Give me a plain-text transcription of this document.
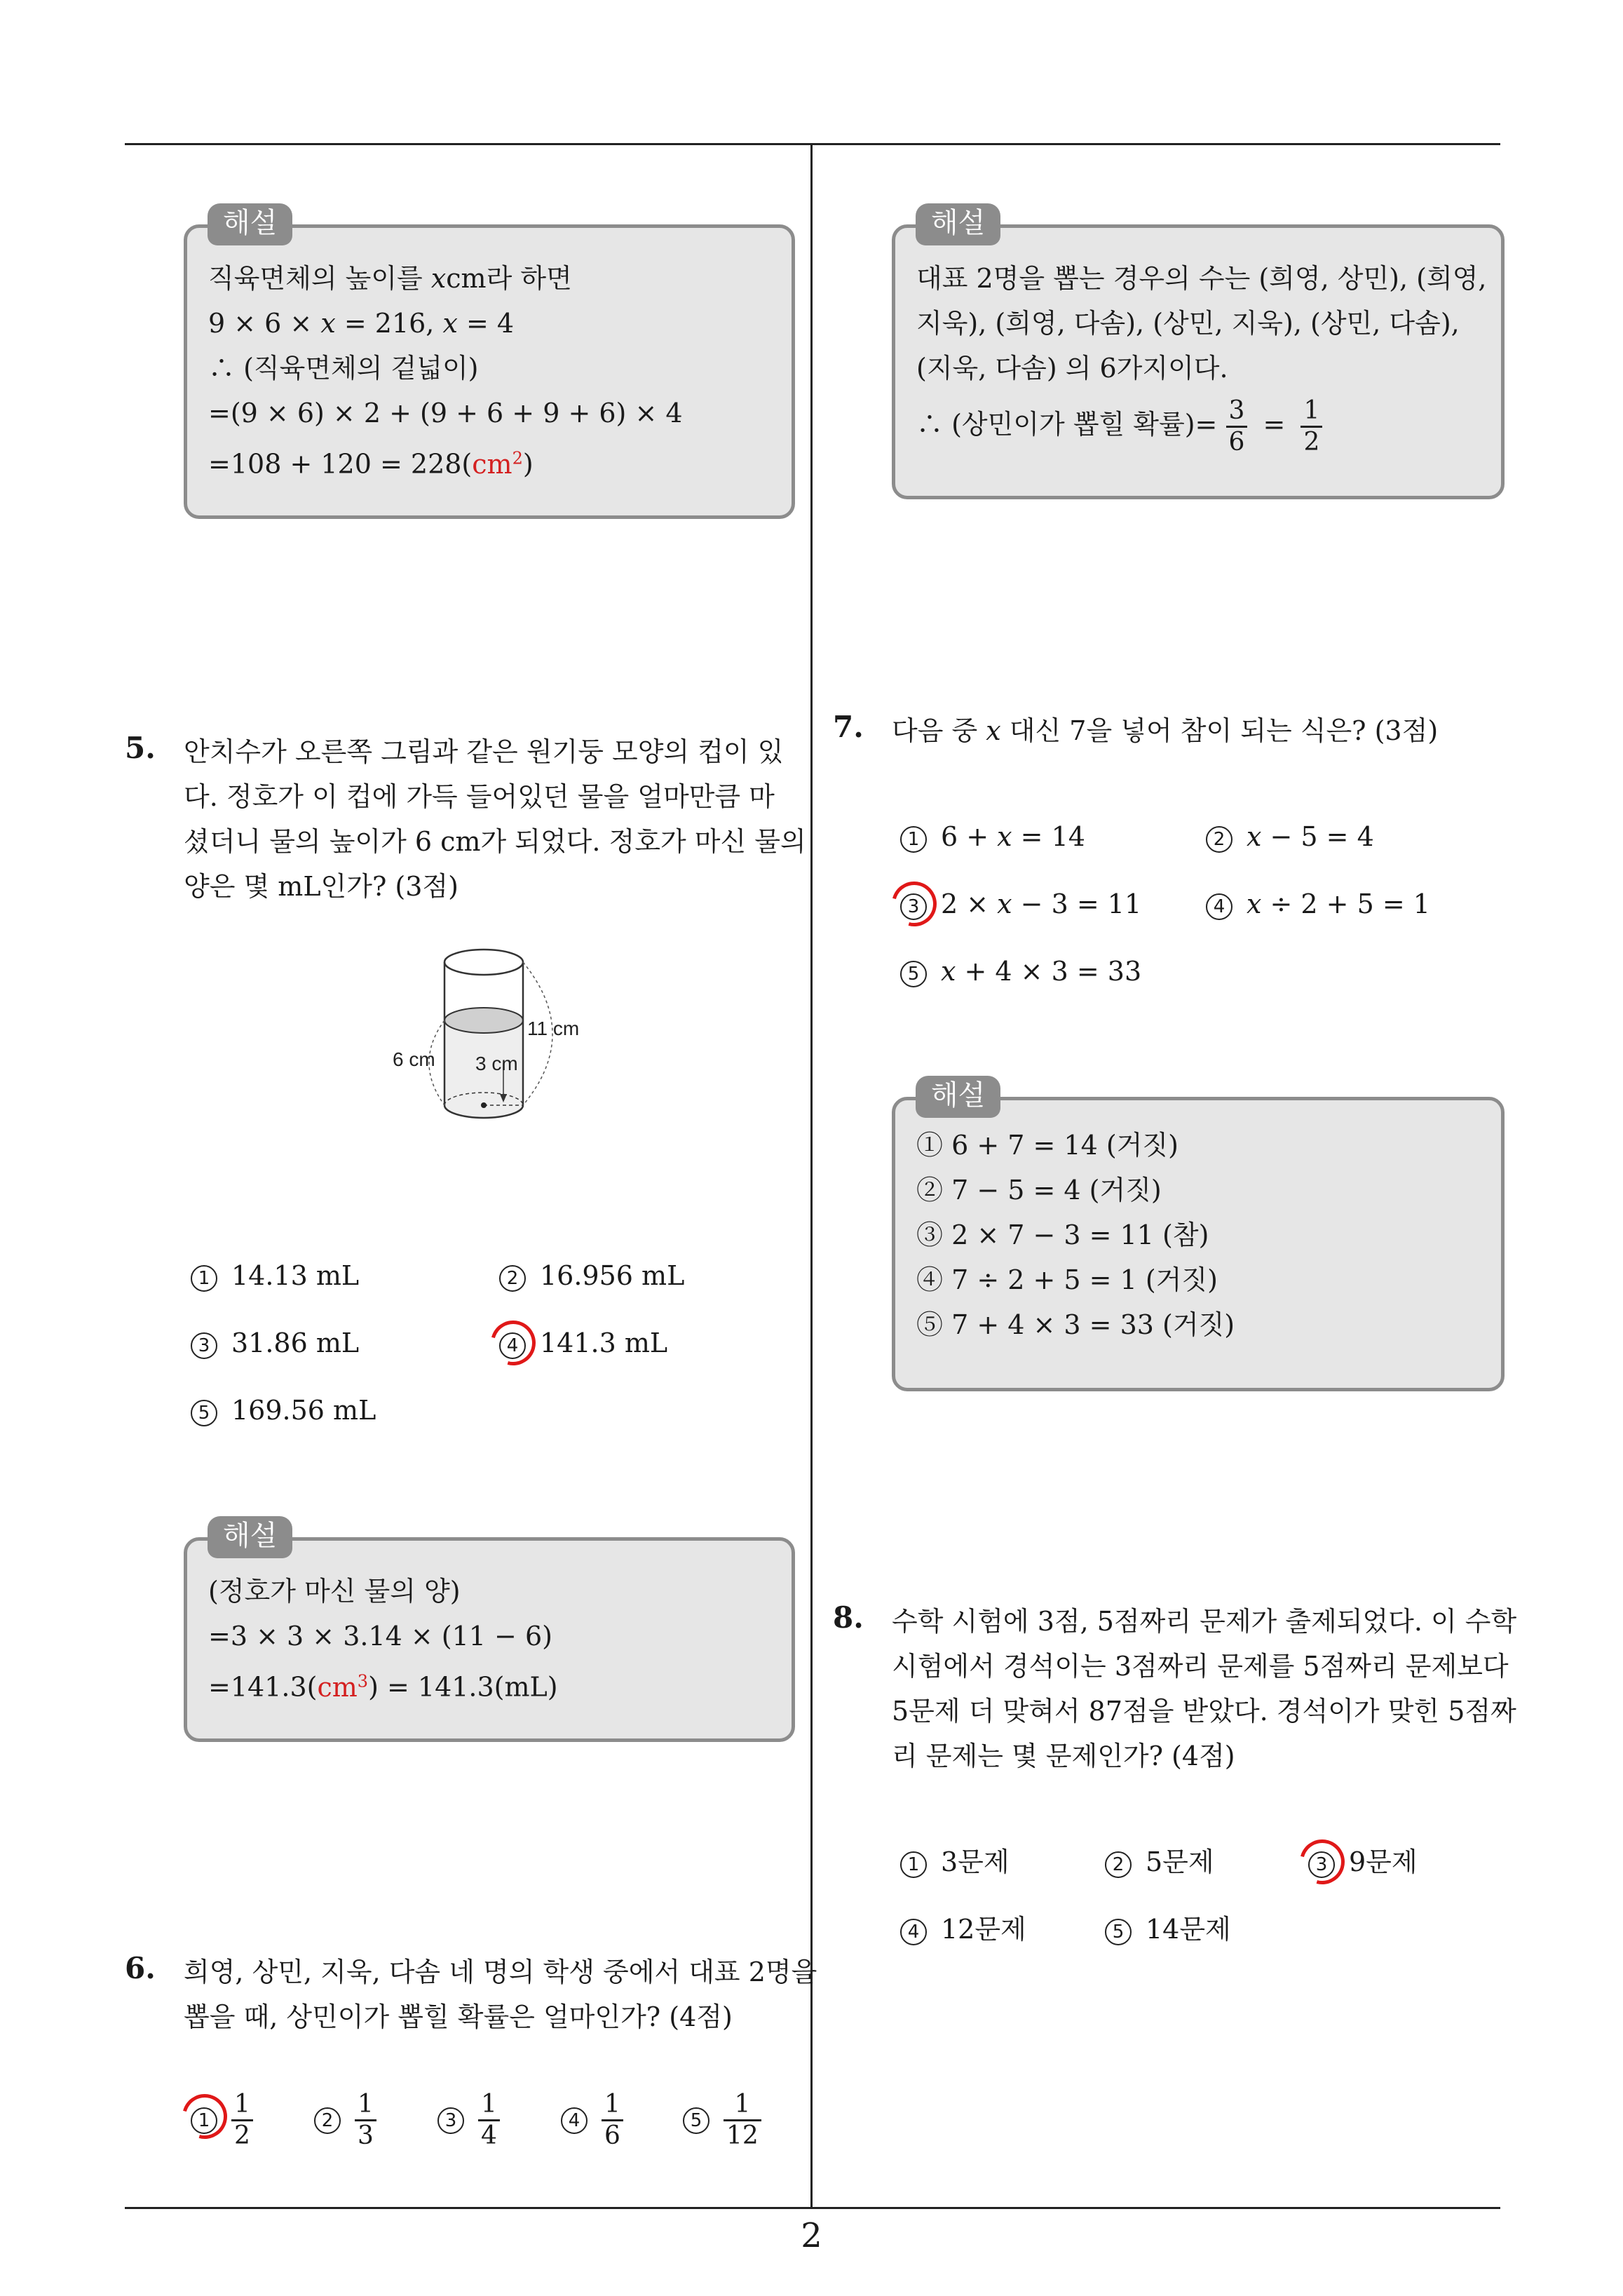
직육면체의 높이를 𝑥cm라 하면
9 × 6 × 𝑥 = 216, 𝑥 = 4
∴ (직육면체의 겉넓이)
=(9 × 6) × 2 + (9 + 6 + 9 + 6) × 4
$=108 + 120 = 228(cm^2)$
해설
대표 2명을 뽑는 경우의 수는 (희영, 상민), (희영,
지욱), (희영, 다솜), (상민, 지욱), (상민, 다솜),
(지욱, 다솜) 의 6가지이다.
∴ (상민이가 뽑힐 확률)= $\frac{3}{6} = \frac{1}{2}$
해설
5. 안치수가 오른쪽 그림과 같은 원기둥 모양의 컵이 있
다. 정호가 이 컵에 가득 들어있던 물을 얼마만큼 마
셨더니 물의 높이가 6 cm가 되었다. 정호가 마신 물의
양은 몇 mL인가? (3점)
11 cm
6 cm 3 cm
1 14.13 mL	2 16.956 mL
3 31.86 mL	4 141.3 mL
5 169.56 mL
(정호가 마신 물의 양)
=3 × 3 × 3.14 × (11 − 6)
$=141.3(cm^3) = 141.3(mL)$
해설
6. 희영, 상민, 지욱, 다솜 네 명의 학생 중에서 대표 2명을
뽑을 때, 상민이가 뽑힐 확률은 얼마인가? (4점)
$1 \frac{1}{2}$	$2 \frac{1}{3}$	$3 \frac{1}{4}$	$4 \frac{1}{6}$	$5 \frac{1}{12}$
7. 다음 중 𝑥 대신 7을 넣어 참이 되는 식은? (3점)
1 6 + 𝑥 = 14	2 𝑥 − 5 = 4
3 2 × 𝑥 − 3 = 11	4 𝑥 ÷ 2 + 5 = 1
5 𝑥 + 4 × 3 = 33
① 6 + 7 = 14 (거짓)
② 7 − 5 = 4 (거짓)
③ 2 × 7 − 3 = 11 (참)
④ 7 ÷ 2 + 5 = 1 (거짓)
⑤ 7 + 4 × 3 = 33 (거짓)
해설
8. 수학 시험에 3점, 5점짜리 문제가 출제되었다. 이 수학
시험에서 경석이는 3점짜리 문제를 5점짜리 문제보다
5문제 더 맞혀서 87점을 받았다. 경석이가 맞힌 5점짜
리 문제는 몇 문제인가? (4점)
1 3문제	2 5문제	3 9문제
4 12문제	5 14문제
2
